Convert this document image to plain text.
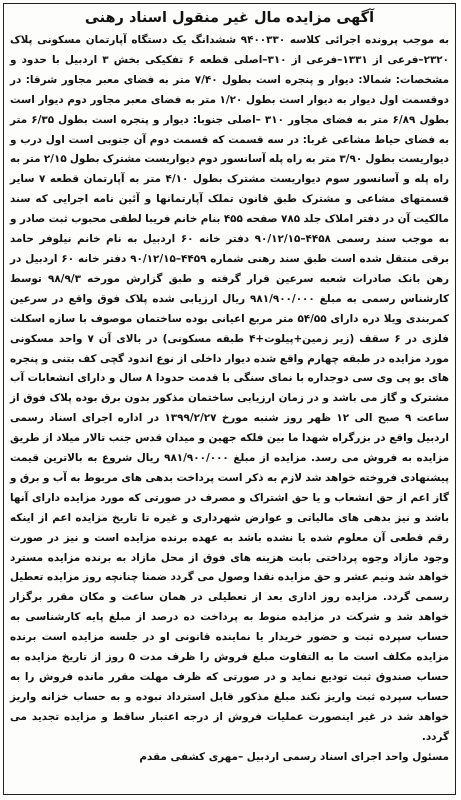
آگهی مزایده مال غیر منقول اسناد رهنی

به موجب پرونده اجرائی کلاسه ۹۴۰۰۳۳۰ ششدانگ یک دستگاه آپارتمان مسکونی پلاک ۲۳۲۰–فرعی از ۱۳۳۱–فرعی از ۳۱۰–اصلی قطعه ۶ تفکیکی بخش ۳ اردبیل با حدود و مشخصات: شمالا: دیوار و پنجره است بطول ۷/۴۰ متر به فضای معبر مجاور شرقا: در دوقسمت اول دیوار به دیوار است بطول ۱/۲۰ متر به فضای معبر مجاور دوم دیوار است بطول ۶/۸۹ متر به فضای مجاور ۳۱۰ –اصلی جنوبا: دیوار و پنجره است بطول ۶/۳۵ متر به فضای حیاط مشاعی غربا: در سه قسمت که قسمت دوم آن جنوبی است اول درب و دیواریست بطول ۳/۹۰ متر به راه پله آسانسور دوم دیواریست مشترک بطول ۲/۱۵ متر به راه پله و آسانسور سوم دیواریست مشترک بطول ۴/۱۰ متر به آپارتمان قطعه ۷ سایر قسمتهای مشاعی و مشترک طبق قانون تملک آپارتمانها و آئین نامه اجرایی که سند مالکیت آن در دفتر املاک جلد ۷۸۵ صفحه ۴۵۵ بنام خانم فریبا لطفی محبوب ثبت صادر و به موجب سند رسمی ۴۴۵۸–۹۰/۱۲/۱۵ دفتر خانه ۶۰ اردبیل به نام خانم نیلوفر حامد برقی منتقل شده است طبق سند رهنی شماره ۴۴۵۹–۹۰/۱۲/۱۵ دفتر خانه ۶۰ اردبیل در رهن بانک صادرات شعبه سرعین قرار گرفته و طبق گزارش مورخه ۹۸/۹/۳ توسط کارشناس رسمی به مبلغ ۹۸۱/۹۰۰/۰۰۰ ریال ارزیابی شده پلاک فوق واقع در سرعین کمربندی ویلا دره دارای ۵۴/۵۵ متر مربع اعیانی بوده ساختمان موصوف با سازه اسکلت فلزی در ۶ سقف (زیر زمین+پیلوت+۴ طبقه مسکونی) در بالای آن ۷ واحد مسکونی مورد مزایده در طبقه چهارم واقع شده دیوار داخلی از نوع اندود گچی کف بتنی و پنجره های یو پی وی سی دوجداره با نمای سنگی با قدمت حدودا ۸ سال و دارای انشعابات آب مشترک و گاز می باشد و در زمان ارزیابی ساختمان مذکور بدون برق بوده پلاک فوق از ساعت ۹ صبح الی ۱۲ ظهر روز شنبه مورخ ۱۳۹۹/۲/۲۷ در اداره اجرای اسناد رسمی اردبیل واقع در بزرگراه شهدا ما بین فلکه جهین و میدان قدس جنب تالار میلاد از طریق مزایده به فروش می رسد. مزایده از مبلغ ۹۸۱/۹۰۰/۰۰۰ ریال شروع به بالاترین قیمت پیشنهادی فروخته خواهد شد لازم به ذکر است پرداخت بدهی های مربوط به آب و برق و گاز اعم از حق انشعاب و یا حق اشتراک و مصرف در صورتی که مورد مزایده دارای آنها باشد و نیز بدهی های مالیاتی و عوارض شهرداری و غیره تا تاریخ مزایده اعم از اینکه رقم قطعی آن معلوم شده یا نشده باشد به عهده برنده مزایده است و نیز در صورت وجود مازاد وجوه پرداختی بابت هزینه های فوق از محل مازاد به برنده مزایده مسترد خواهد شد ونیم عشر و حق مزایده نقدا وصول می گردد ضمنا چنانچه روز مزایده تعطیل رسمی گردد. مزایده روز اداری بعد از تعطیلی در همان ساعت و مکان مقرر برگزار خواهد شد و شرکت در مزایده منوط به پرداخت ده درصد از مبلغ پایه کارشناسی به حساب سپرده ثبت و حضور خریدار یا نماینده قانونی او در جلسه مزایده است برنده مزایده مکلف است ما به التفاوت مبلغ فروش را ظرف مدت ۵ روز از تاریخ مزایده به حساب صندوق ثبت تودیع نماید و در صورتی که ظرف مهلت مقرر مانده فروش را به حساب سپرده ثبت واریز نکند مبلغ مذکور قابل استرداد نبوده و به حساب خزانه واریز خواهد شد در غیر اینصورت عملیات فروش از درجه اعتبار ساقط و مزایده تجدید می گردد.

مسئول واحد اجرای اسناد رسمی اردبیل –مهری کشفی مقدم
